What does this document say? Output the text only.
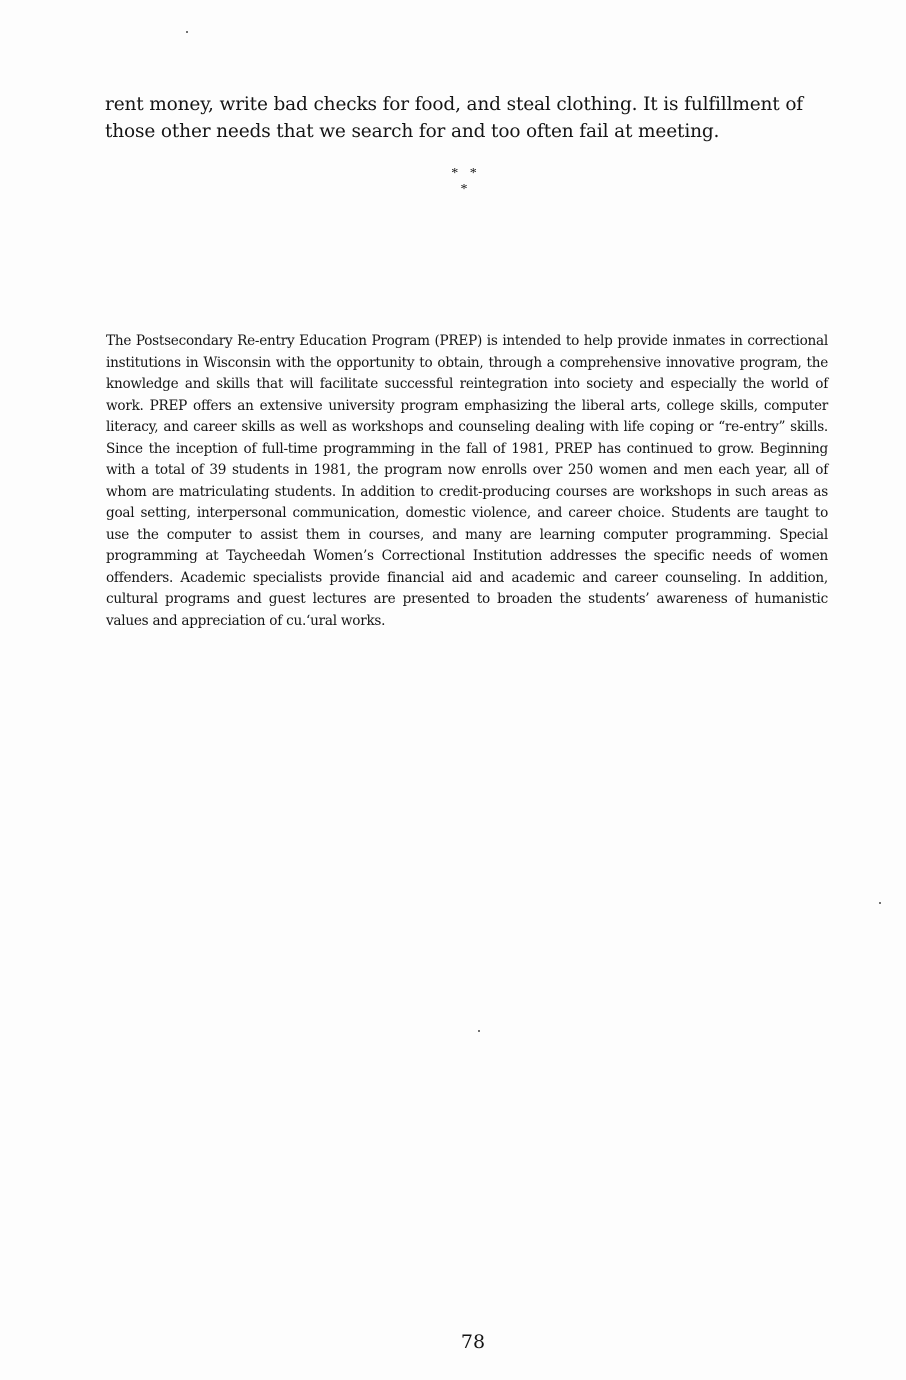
rent money, write bad checks for food, and steal clothing. It is fulfillment of those other needs that we search for and too often fail at meeting.

* * *

The Postsecondary Re-entry Education Program (PREP) is intended to help provide inmates in correctional institutions in Wisconsin with the opportunity to obtain, through a comprehensive innovative program, the knowledge and skills that will facilitate successful reintegration into society and especially the world of work. PREP offers an extensive university program emphasizing the liberal arts, college skills, computer literacy, and career skills as well as workshops and counseling dealing with life coping or “re-entry” skills. Since the inception of full-time programming in the fall of 1981, PREP has continued to grow. Beginning with a total of 39 students in 1981, the program now enrolls over 250 women and men each year, all of whom are matriculating students. In addition to credit-producing courses are workshops in such areas as goal setting, interpersonal communication, domestic violence, and career choice. Students are taught to use the computer to assist them in courses, and many are learning computer programming. Special programming at Taycheedah Women’s Correctional Institution addresses the specific needs of women offenders. Academic specialists provide financial aid and academic and career counseling. In addition, cultural programs and guest lectures are presented to broaden the students’ awareness of humanistic values and appreciation of cu.‘ural works.

78
